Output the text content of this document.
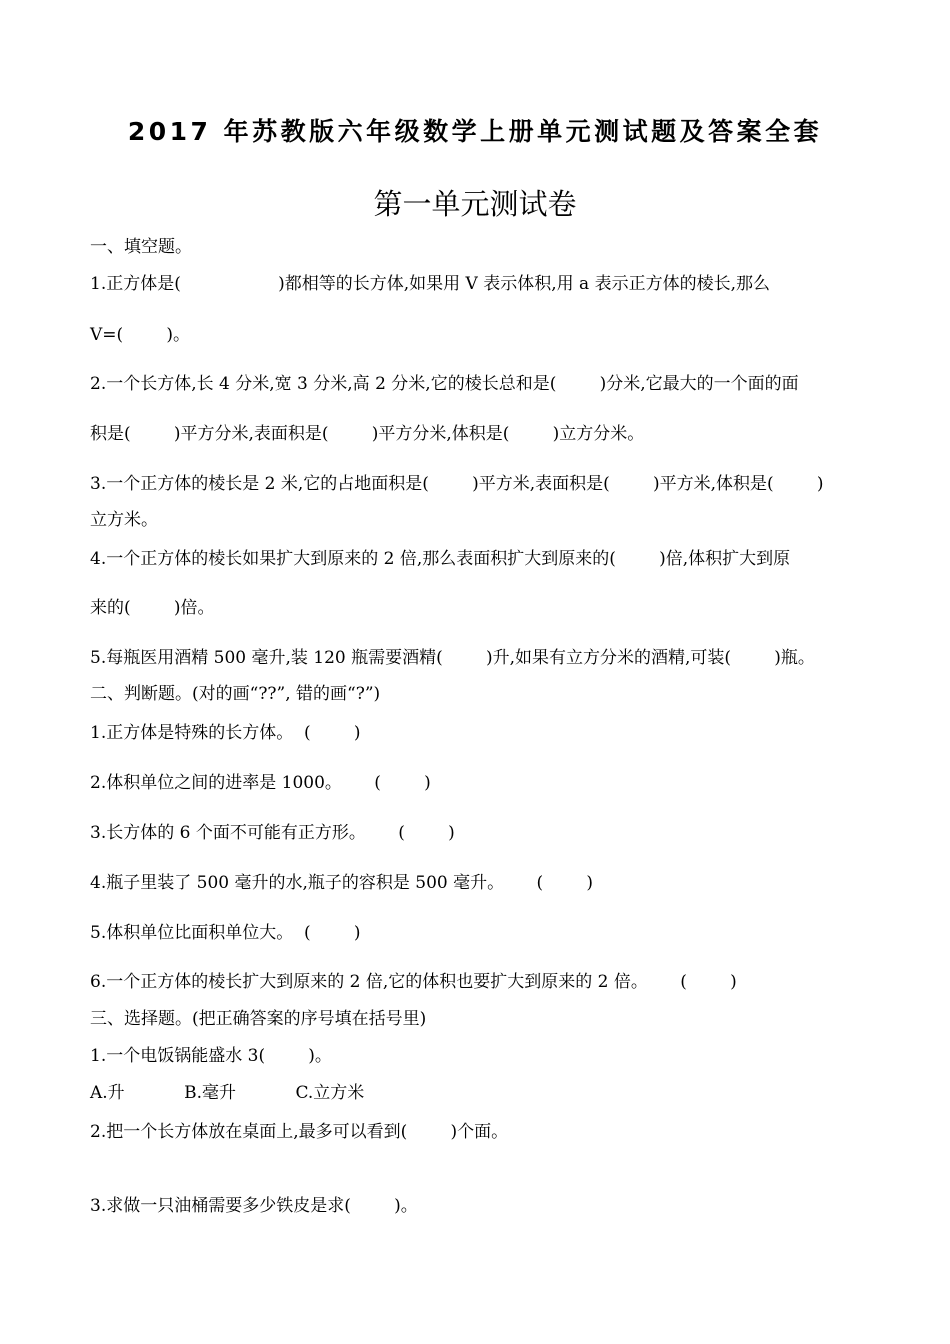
2017 年苏教版六年级数学上册单元测试题及答案全套
第一单元测试卷
一、填空题。
1.正方体是(                  )都相等的长方体,如果用 V 表示体积,用 a 表示正方体的棱长,那么
V=(        )。
2.一个长方体,长 4 分米,宽 3 分米,高 2 分米,它的棱长总和是(        )分米,它最大的一个面的面
积是(        )平方分米,表面积是(        )平方分米,体积是(        )立方分米。
3.一个正方体的棱长是 2 米,它的占地面积是(        )平方米,表面积是(        )平方米,体积是(        )
立方米。
4.一个正方体的棱长如果扩大到原来的 2 倍,那么表面积扩大到原来的(        )倍,体积扩大到原
来的(        )倍。
5.每瓶医用酒精 500 毫升,装 120 瓶需要酒精(        )升,如果有立方分米的酒精,可装(        )瓶。
二、判断题。(对的画“??”, 错的画“?”)
1.正方体是特殊的长方体。  (        )
2.体积单位之间的进率是 1000。      (        )
3.长方体的 6 个面不可能有正方形。      (        )
4.瓶子里装了 500 毫升的水,瓶子的容积是 500 毫升。      (        )
5.体积单位比面积单位大。  (        )
6.一个正方体的棱长扩大到原来的 2 倍,它的体积也要扩大到原来的 2 倍。      (        )
三、选择题。(把正确答案的序号填在括号里)
1.一个电饭锅能盛水 3(        )。
A.升           B.毫升           C.立方米
2.把一个长方体放在桌面上,最多可以看到(        )个面。
3.求做一只油桶需要多少铁皮是求(        )。
